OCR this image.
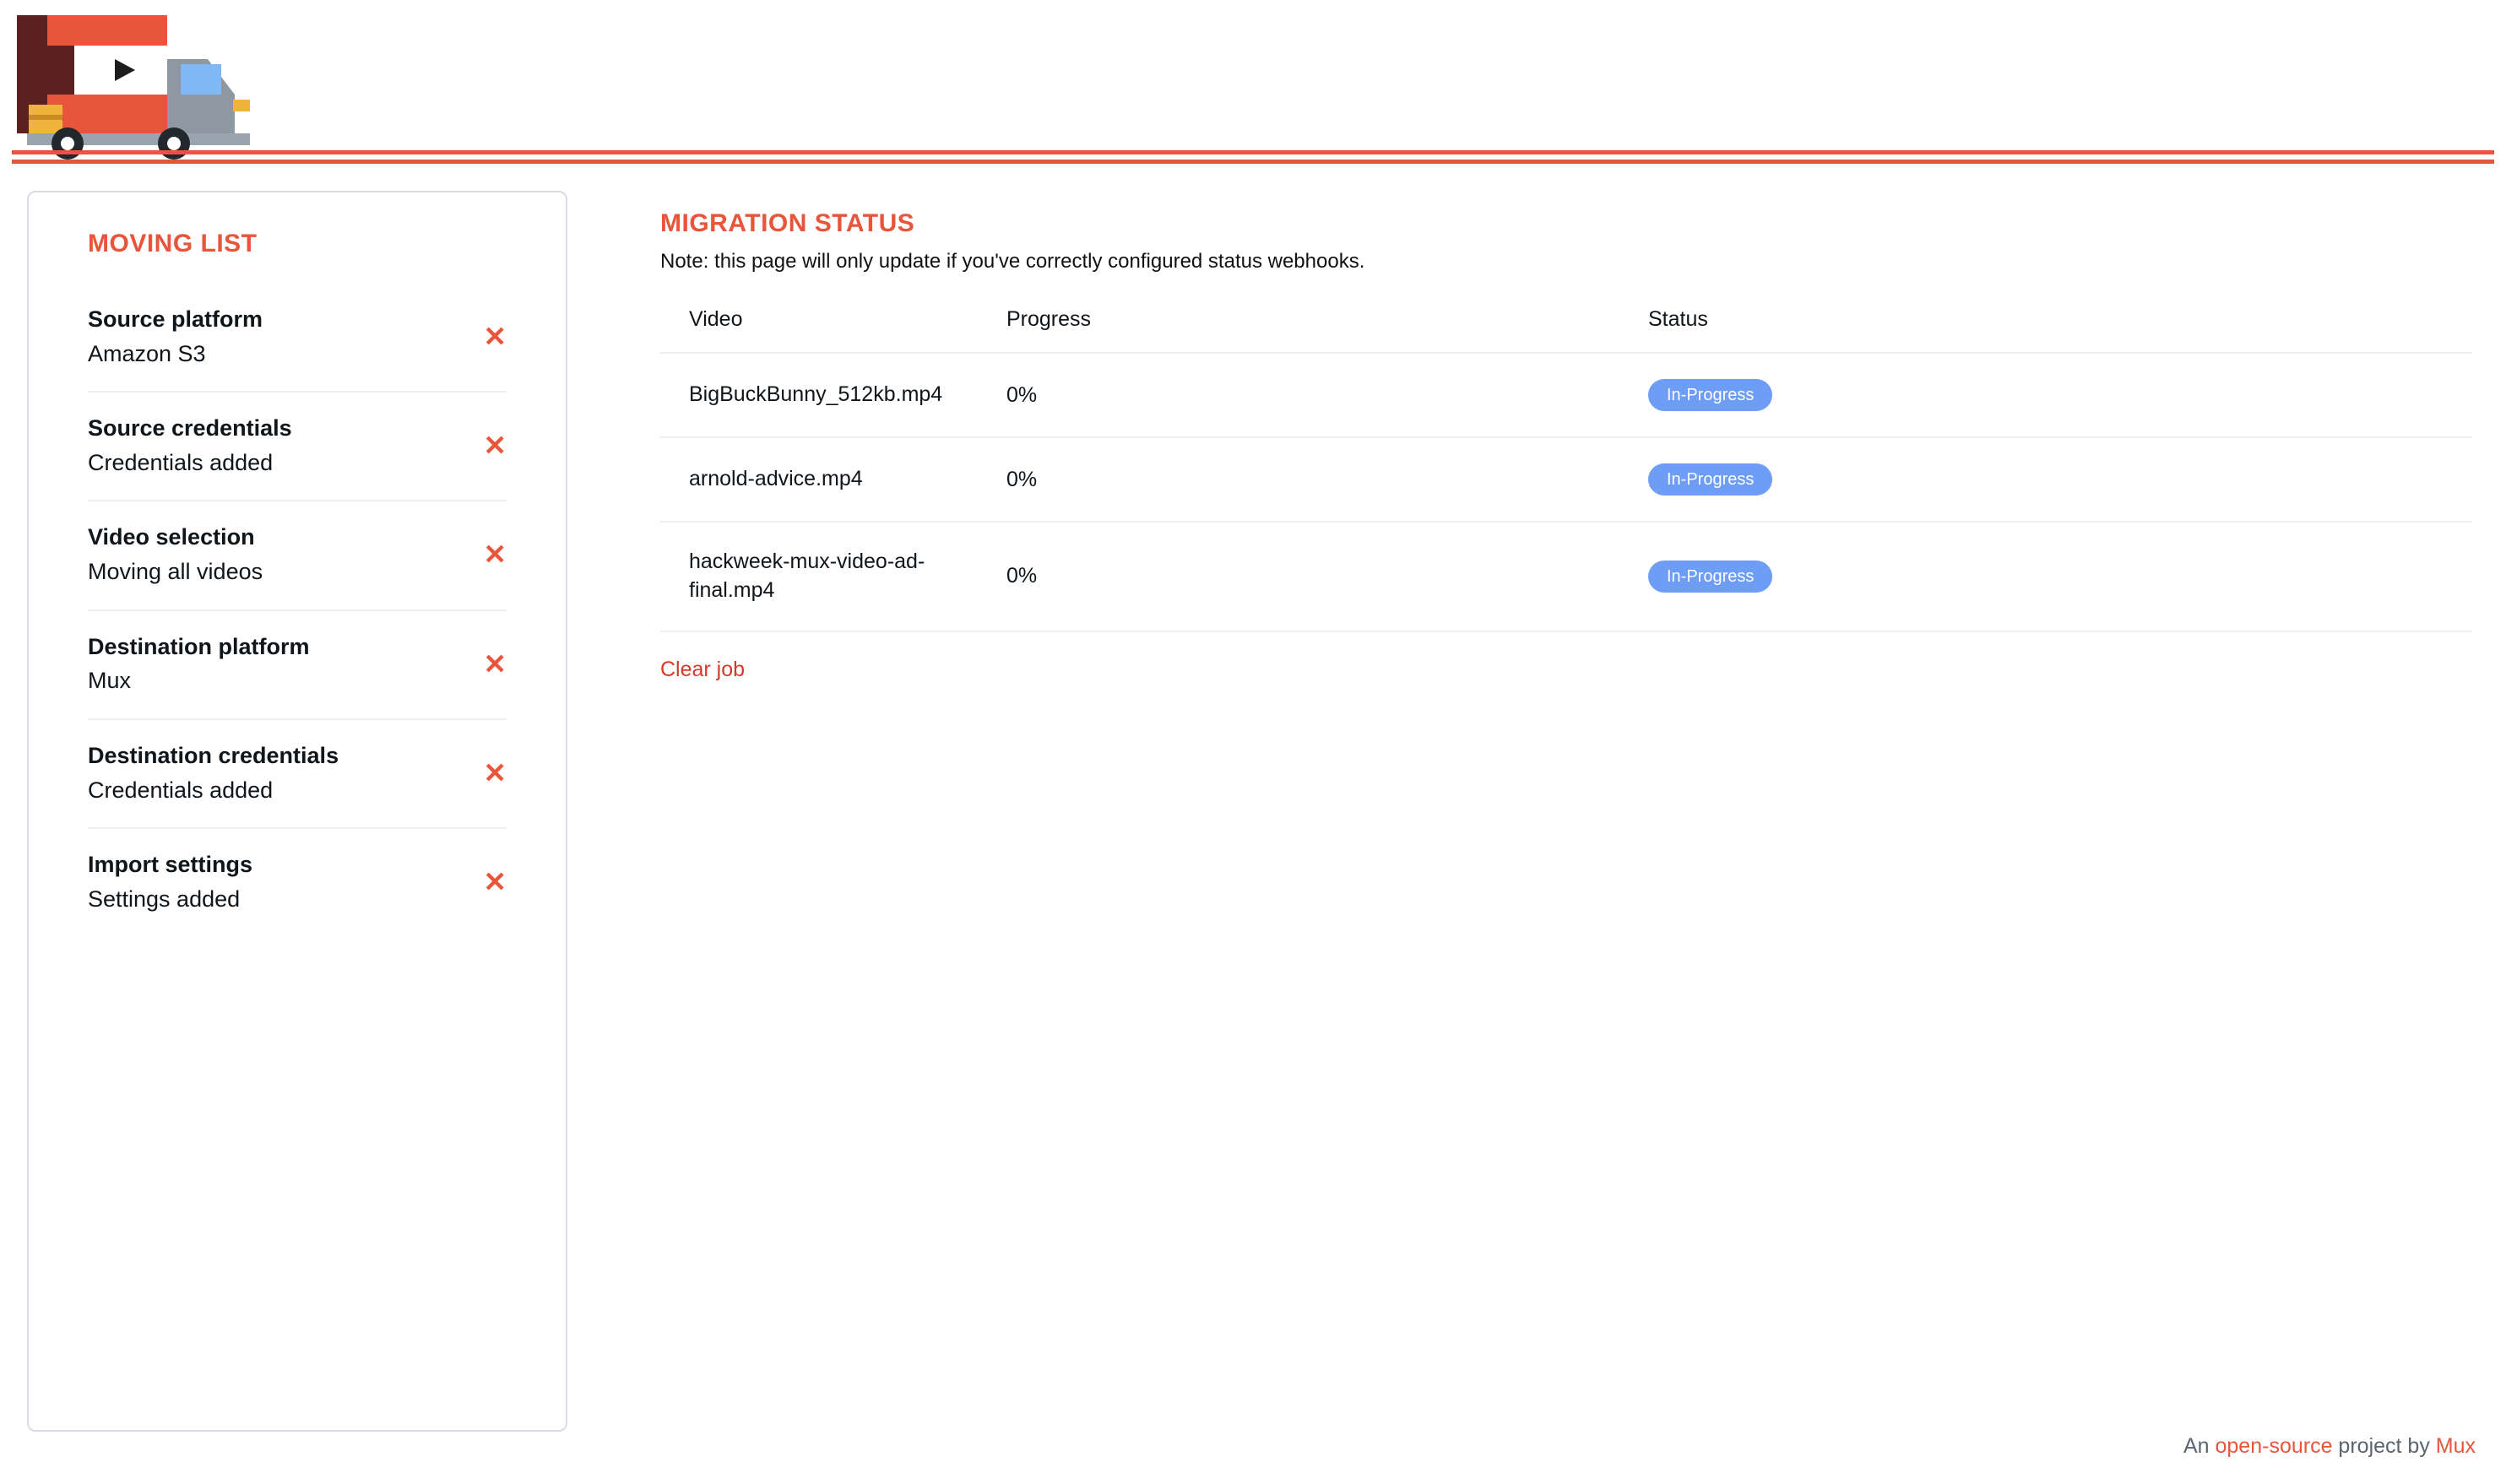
MOVING LIST
Source platform
Amazon S3
✕
Source credentials
Credentials added
✕
Video selection
Moving all videos
✕
Destination platform
Mux
✕
Destination credentials
Credentials added
✕
Import settings
Settings added
✕
MIGRATION STATUS

Note: this page will only update if you've correctly configured status webhooks.

Video	Progress	Status
BigBuckBunny_512kb.mp4	0%	In-Progress
arnold-advice.mp4	0%	In-Progress
hackweek-mux-video-ad-final.mp4	0%	In-Progress
Clear job
An open-source project by Mux
